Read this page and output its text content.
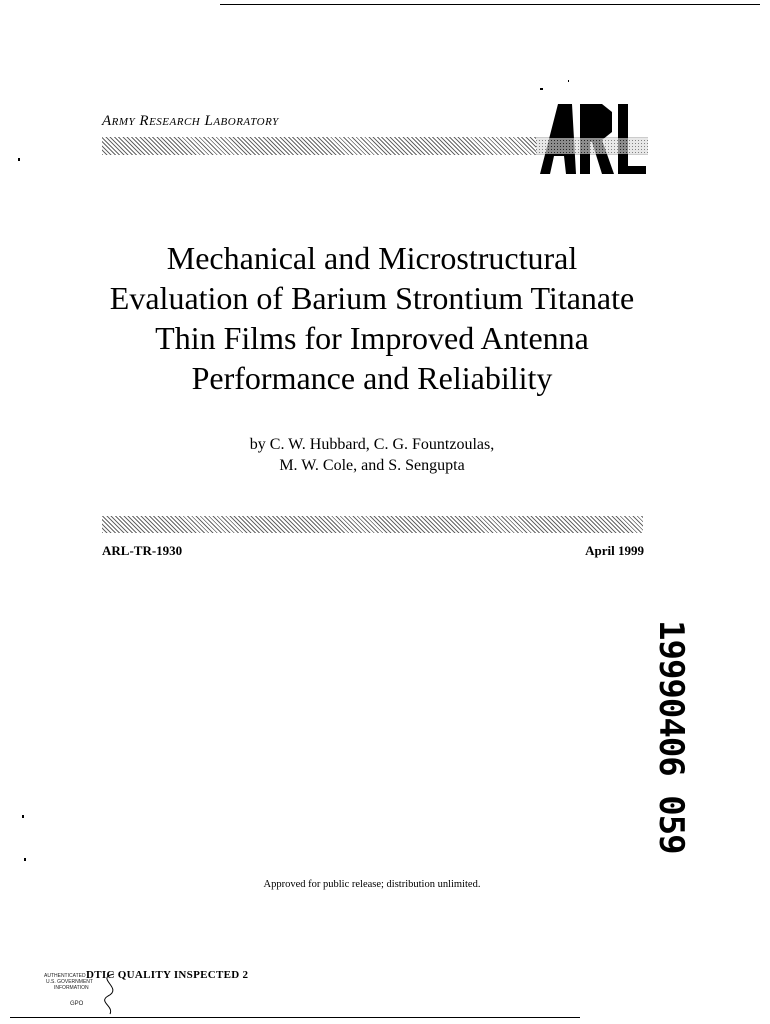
Army Research Laboratory
Mechanical and Microstructural
Evaluation of Barium Strontium Titanate
Thin Films for Improved Antenna
Performance and Reliability
by C. W. Hubbard, C. G. Fountzoulas,
M. W. Cole, and S. Sengupta
ARL-TR-1930	April 1999
19990406 059
Approved for public release; distribution unlimited.
AUTHENTICATED
U.S. GOVERNMENT
INFORMATION
GPO
DTIC QUALITY INSPECTED 2
